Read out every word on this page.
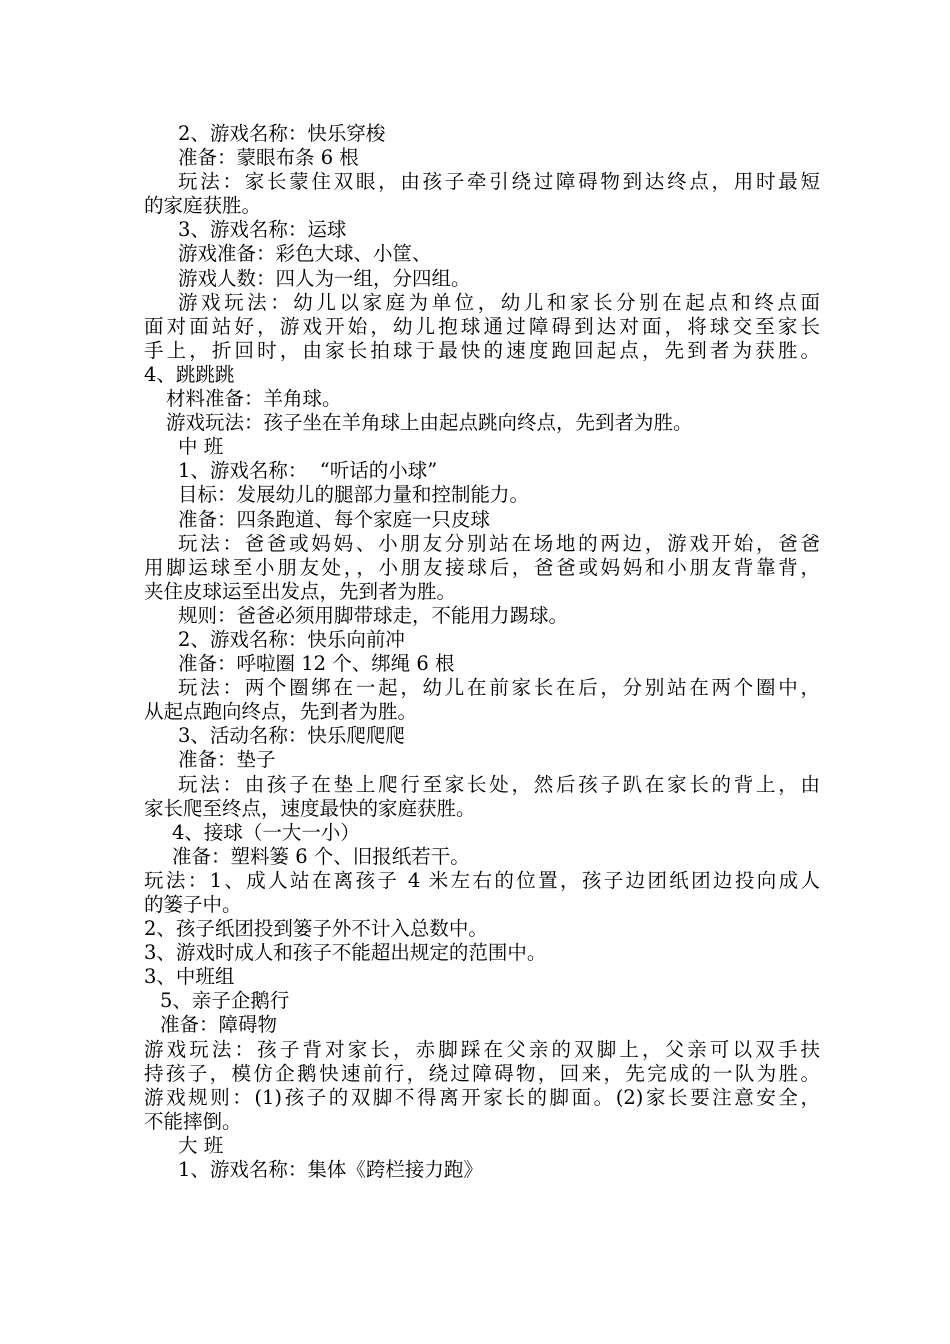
2、游戏名称：快乐穿梭
准备：蒙眼布条 6 根
玩法：家长蒙住双眼，由孩子牵引绕过障碍物到达终点，用时最短
的家庭获胜。
3、游戏名称：运球
游戏准备：彩色大球、小筐、
游戏人数：四人为一组，分四组。
游戏玩法：幼儿以家庭为单位，幼儿和家长分别在起点和终点面
面对面站好，游戏开始，幼儿抱球通过障碍到达对面，将球交至家长
手上，折回时，由家长拍球于最快的速度跑回起点，先到者为获胜。
4、跳跳跳
材料准备：羊角球。
游戏玩法：孩子坐在羊角球上由起点跳向终点，先到者为胜。
中 班
1、游戏名称：  “听话的小球”
目标：发展幼儿的腿部力量和控制能力。
准备：四条跑道、每个家庭一只皮球
玩法：爸爸或妈妈、小朋友分别站在场地的两边，游戏开始，爸爸
用脚运球至小朋友处，，小朋友接球后，爸爸或妈妈和小朋友背靠背，
夹住皮球运至出发点，先到者为胜。
规则：爸爸必须用脚带球走，不能用力踢球。
2、游戏名称：快乐向前冲
准备：呼啦圈 12 个、绑绳 6 根
玩法：两个圈绑在一起，幼儿在前家长在后，分别站在两个圈中，
从起点跑向终点，先到者为胜。
3、活动名称：快乐爬爬爬
准备：垫子
玩法：由孩子在垫上爬行至家长处，然后孩子趴在家长的背上，由
家长爬至终点，速度最快的家庭获胜。
4、接球（一大一小）
准备：塑料篓 6 个、旧报纸若干。
玩法：1、成人站在离孩子 4 米左右的位置，孩子边团纸团边投向成人
的篓子中。
2、孩子纸团投到篓子外不计入总数中。
3、游戏时成人和孩子不能超出规定的范围中。
3、中班组
5、亲子企鹅行
准备：障碍物
游戏玩法：孩子背对家长，赤脚踩在父亲的双脚上，父亲可以双手扶
持孩子，模仿企鹅快速前行，绕过障碍物，回来，先完成的一队为胜。
游戏规则：(1)孩子的双脚不得离开家长的脚面。(2)家长要注意安全，
不能摔倒。
大 班
1、游戏名称：集体《跨栏接力跑》
